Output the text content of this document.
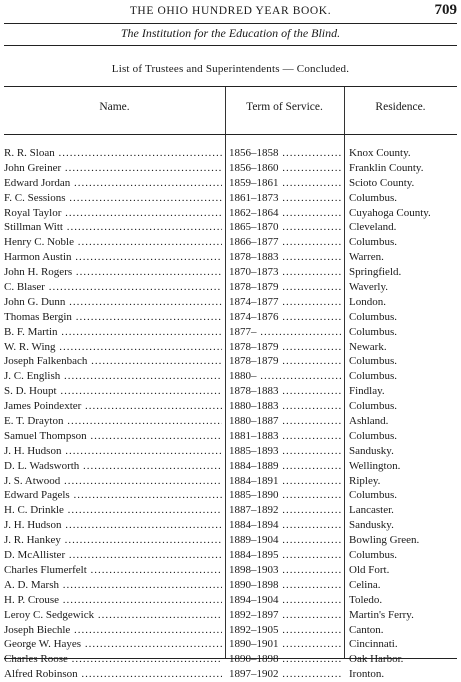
THE OHIO HUNDRED YEAR BOOK.	709
The Institution for the Education of the Blind.
List of Trustees and Superintendents — Concluded.
Name.	Term of Service.	Residence.
R. R. Sloan .....	1856–1858 .....	Knox County.
John Greiner .....	1856–1860 .....	Franklin County.
Edward Jordan .....	1859–1861 .....	Scioto County.
F. C. Sessions .....	1861–1873 .....	Columbus.
Royal Taylor .....	1862–1864 .....	Cuyahoga County.
Stillman Witt .....	1865–1870 .....	Cleveland.
Henry C. Noble .....	1866–1877 .....	Columbus.
Harmon Austin .....	1878–1883 .....	Warren.
John H. Rogers .....	1870–1873 .....	Springfield.
C. Blaser .....	1878–1879 .....	Waverly.
John G. Dunn .....	1874–1877 .....	London.
Thomas Bergin .....	1874–1876 .....	Columbus.
B. F. Martin .....	1877– .....	Columbus.
W. R. Wing .....	1878–1879 .....	Newark.
Joseph Falkenbach .....	1878–1879 .....	Columbus.
J. C. English .....	1880– .....	Columbus.
S. D. Houpt .....	1878–1883 .....	Findlay.
James Poindexter .....	1880–1883 .....	Columbus.
E. T. Drayton .....	1880–1887 .....	Ashland.
Samuel Thompson .....	1881–1883 .....	Columbus.
J. H. Hudson .....	1885–1893 .....	Sandusky.
D. L. Wadsworth .....	1884–1889 .....	Wellington.
J. S. Atwood .....	1884–1891 .....	Ripley.
Edward Pagels .....	1885–1890 .....	Columbus.
H. C. Drinkle .....	1887–1892 .....	Lancaster.
J. H. Hudson .....	1884–1894 .....	Sandusky.
J. R. Hankey .....	1889–1904 .....	Bowling Green.
D. McAllister .....	1884–1895 .....	Columbus.
Charles Flumerfelt .....	1898–1903 .....	Old Fort.
A. D. Marsh .....	1890–1898 .....	Celina.
H. P. Crouse .....	1894–1904 .....	Toledo.
Leroy C. Sedgewick .....	1892–1897 .....	Martin's Ferry.
Joseph Biechle .....	1892–1905 .....	Canton.
George W. Hayes .....	1890–1901 .....	Cincinnati.
Charles Roose .....	1890–1898 .....	Oak Harbor.
Alfred Robinson .....	1897–1902 .....	Ironton.
